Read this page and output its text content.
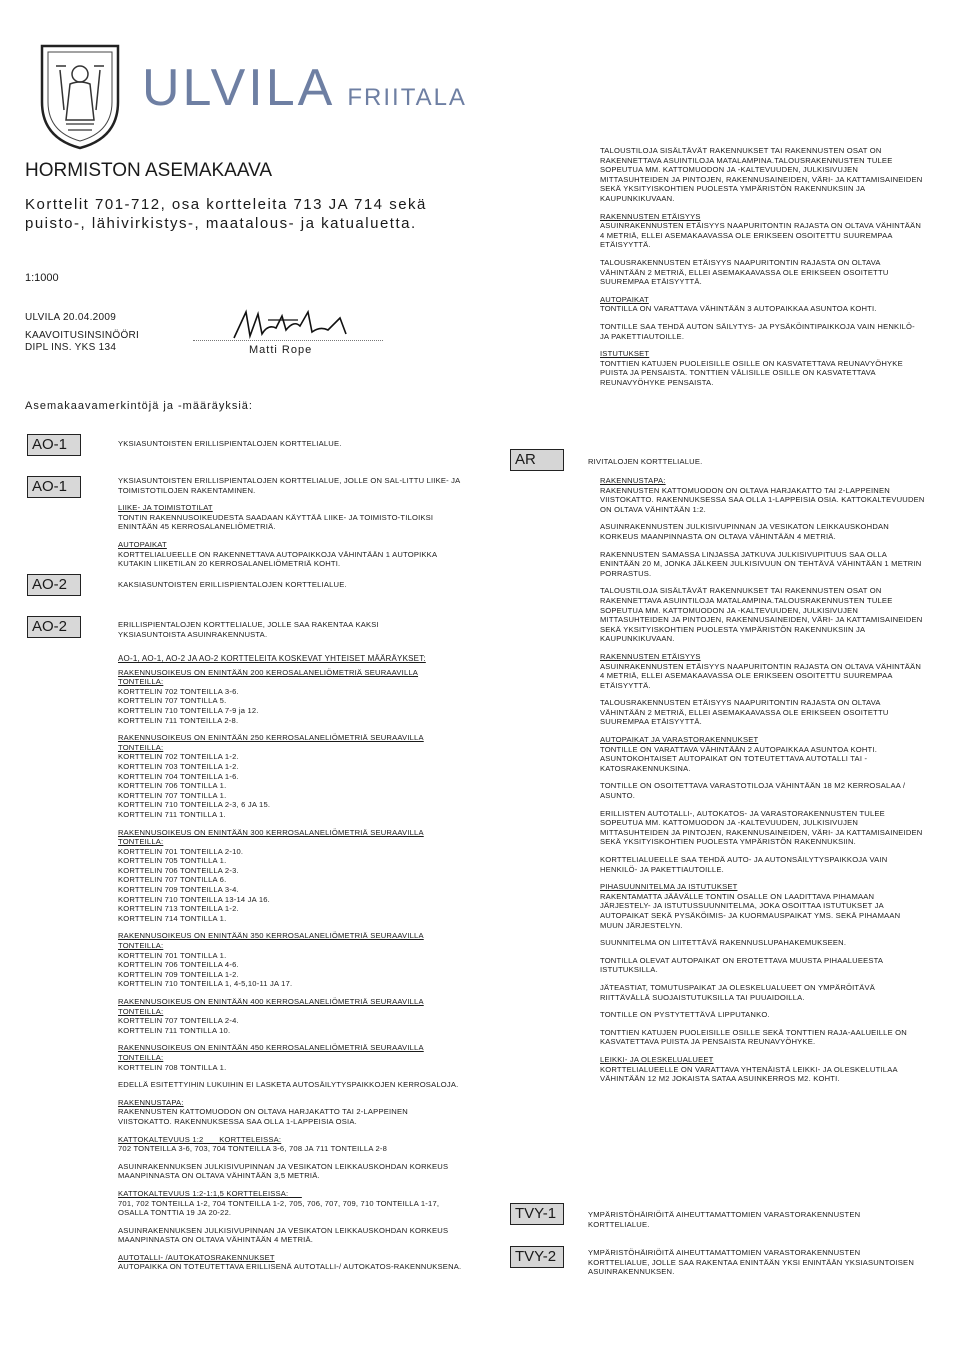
ULVILA FRIITALA
HORMISTON ASEMAKAAVA
Korttelit 701-712, osa kortteleita 713 JA 714 sekä puisto-, lähivirkistys-, maatalous- ja katualuetta.
1:1000
ULVILA 20.04.2009
KAAVOITUSINSINÖÖRI
DIPL INS. YKS 134	Matti Rope
Asemakaavamerkintöjä ja -määräyksiä:
AO-1	YKSIASUNTOISTEN ERILLISPIENTALOJEN KORTTELIALUE.
AO-1	YKSIASUNTOISTEN ERILLISPIENTALOJEN KORTTELIALUE, JOLLE ON SAL-LITTU LIIKE- JA TOIMISTOTILOJEN RAKENTAMINEN.

LIIKE- JA TOIMISTOTILAT

TONTIN RAKENNUSOIKEUDESTA SAADAAN KÄYTTÄÄ LIIKE- JA TOIMISTO-TILOIKSI ENINTÄÄN 45 KERROSALANELIÖMETRIÄ.

AUTOPAIKAT

KORTTELIALUEELLE ON RAKENNETTAVA AUTOPAIKKOJA VÄHINTÄÄN 1 AUTOPIKKA KUTAKIN LIIKETILAN 20 KERROSALANELIÖMETRIÄ KOHTI.

AO-2	KAKSIASUNTOISTEN ERILLISPIENTALOJEN KORTTELIALUE.
AO-2	ERILLISPIENTALOJEN KORTTELIALUE, JOLLE SAA RAKENTAA KAKSI YKSIASUNTOISTA ASUINRAKENNUSTA.

AO-1, AO-1, AO-2 JA AO-2 KORTTELEITA KOSKEVAT YHTEISET MÄÄRÄYKSET:

RAKENNUSOIKEUS ON ENINTÄÄN 200 KEROSALANELIÖMETRIÄ SEURAAVILLA TONTEILLA:

KORTTELIN 702 TONTEILLA 3-6.

KORTTELIN 707 TONTILLA 5.

KORTTELIN 710 TONTEILLA 7-9 ja 12.

KORTTELIN 711 TONTEILLA 2-8.

RAKENNUSOIKEUS ON ENINTÄÄN 250 KERROSALANELIÖMETRIÄ SEURAAVILLA TONTEILLA:

KORTTELIN 702 TONTEILLA 1-2.

KORTTELIN 703 TONTEILLA 1-2.

KORTTELIN 704 TONTEILLA 1-6.

KORTTELIN 706 TONTILLA 1.

KORTTELIN 707 TONTILLA 1.

KORTTELIN 710 TONTEILLA 2-3, 6 JA 15.

KORTTELIN 711 TONTILLA 1.

RAKENNUSOIKEUS ON ENINTÄÄN 300 KERROSALANELIÖMETRIÄ SEURAAVILLA TONTEILLA:

KORTTELIN 701 TONTEILLA 2-10.

KORTTELIN 705 TONTILLA 1.

KORTTELIN 706 TONTEILLA 2-3.

KORTTELIN 707 TONTILLA 6.

KORTTELIN 709 TONTEILLA 3-4.

KORTTELIN 710 TONTEILLA 13-14 JA 16.

KORTTELIN 713 TONTEILLA 1-2.

KORTTELIN 714 TONTILLA 1.

RAKENNUSOIKEUS ON ENINTÄÄN 350 KERROSALANELIÖMETRIÄ SEURAAVILLA TONTEILLA:

KORTTELIN 701 TONTILLA 1.

KORTTELIN 706 TONTEILLA 4-6.

KORTTELIN 709 TONTEILLA 1-2.

KORTTELIN 710 TONTEILLA 1, 4-5,10-11 JA 17.

RAKENNUSOIKEUS ON ENINTÄÄN 400 KERROSALANELIÖMETRIÄ SEURAAVILLA TONTEILLA:

KORTTELIN 707 TONTEILLA 2-4.

KORTTELIN 711 TONTILLA 10.

RAKENNUSOIKEUS ON ENINTÄÄN 450 KERROSALANELIÖMETRIÄ SEURAAVILLA TONTEILLA:

KORTTELIN 708 TONTILLA 1.

EDELLÄ ESITETTYIHIN LUKUIHIN EI LASKETA AUTOSÄILYTYSPAIKKOJEN KERROSALOJA.

RAKENNUSTAPA:

RAKENNUSTEN KATTOMUODON ON OLTAVA HARJAKATTO TAI 2-LAPPEINEN VIISTOKATTO. RAKENNUKSESSA SAA OLLA 1-LAPPEISIA OSIA.

KATTOKALTEVUUS 1:2 _ _ KORTTELEISSA:

702 TONTEILLA 3-6, 703, 704 TONTEILLA 3-6, 708 JA 711 TONTEILLA 2-8

ASUINRAKENNUKSEN JULKISIVUPINNAN JA VESIKATON LEIKKAUSKOHDAN KORKEUS MAANPINNASTA ON OLTAVA VÄHINTÄÄN 3,5 METRIÄ.

KATTOKALTEVUUS 1:2-1:1,5 KORTTELEISSA: _ _

701, 702 TONTEILLA 1-2, 704 TONTEILLA 1-2, 705, 706, 707, 709, 710 TONTEILLA 1-17, OSALLA TONTTIA 19 JA 20-22.

ASUINRAKENNUKSEN JULKISIVUPINNAN JA VESIKATON LEIKKAUSKOHDAN KORKEUS MAANPINNASTA ON OLTAVA VÄHINTÄÄN 4 METRIÄ.

AUTOTALLI- /AUTOKATOSRAKENNUKSET

AUTOPAIKKA ON TOTEUTETTAVA ERILLISENÄ AUTOTALLI-/ AUTOKATOS-RAKENNUKSENA.

TALOUSTILOJA SISÄLTÄVÄT RAKENNUKSET TAI RAKENNUSTEN OSAT ON RAKENNETTAVA ASUINTILOJA MATALAMPINA.TALOUSRAKENNUSTEN TULEE SOPEUTUA MM. KATTOMUODON JA -KALTEVUUDEN, JULKISIVUJEN MITTASUHTEIDEN JA PINTOJEN, RAKENNUSAINEIDEN, VÄRI- JA KATTAMISAINEIDEN SEKÄ YKSITYISKOHTIEN PUOLESTA YMPÄRISTÖN RAKENNUKSIIN JA KAUPUNKIKUVAAN.

RAKENNUSTEN ETÄISYYS

ASUINRAKENNUSTEN ETÄISYYS NAAPURITONTIN RAJASTA ON OLTAVA VÄHINTÄÄN 4 METRIÄ, ELLEI ASEMAKAAVASSA OLE ERIKSEEN OSOITETTU SUUREMPAA ETÄISYYTTÄ.

TALOUSRAKENNUSTEN ETÄISYYS NAAPURITONTIN RAJASTA ON OLTAVA VÄHINTÄÄN 2 METRIÄ, ELLEI ASEMAKAAVASSA OLE ERIKSEEN OSOITETTU SUUREMPAA ETÄISYYTTÄ.

AUTOPAIKAT

TONTILLA ON VARATTAVA VÄHINTÄÄN 3 AUTOPAIKKAA ASUNTOA KOHTI.

TONTILLE SAA TEHDÄ AUTON SÄILYTYS- JA PYSÄKÖINTIPAIKKOJA VAIN HENKILÖ- JA PAKETTIAUTOILLE.

ISTUTUKSET

TONTTIEN KATUJEN PUOLEISILLE OSILLE ON KASVATETTAVA REUNAVYÖHYKE PUISTA JA PENSAISTA. TONTTIEN VÄLISILLE OSILLE ON KASVATETTAVA REUNAVYÖHYKE PENSAISTA.

AR	RIVITALOJEN KORTTELIALUE.

RAKENNUSTAPA:

RAKENNUSTEN KATTOMUODON ON OLTAVA HARJAKATTO TAI 2-LAPPEINEN VIISTOKATTO. RAKENNUKSESSA SAA OLLA 1-LAPPEISIA OSIA. KATTOKALTEVUUDEN ON OLTAVA VÄHINTÄÄN 1:2.

ASUINRAKENNUSTEN JULKISIVUPINNAN JA VESIKATON LEIKKAUSKOHDAN KORKEUS MAANPINNASTA ON OLTAVA VÄHINTÄÄN 4 METRIÄ.

RAKENNUSTEN SAMASSA LINJASSA JATKUVA JULKISIVUPITUUS SAA OLLA ENINTÄÄN 20 M, JONKA JÄLKEEN JULKISIVUUN ON TEHTÄVÄ VÄHINTÄÄN 1 METRIN PORRASTUS.

TALOUSTILOJA SISÄLTÄVÄT RAKENNUKSET TAI RAKENNUSTEN OSAT ON RAKENNETTAVA ASUINTILOJA MATALAMPINA.TALOUSRAKENNUSTEN TULEE SOPEUTUA MM. KATTOMUODON JA -KALTEVUUDEN, JULKISIVUJEN MITTASUHTEIDEN JA PINTOJEN, RAKENNUSAINEIDEN, VÄRI- JA KATTAMISAINEIDEN SEKÄ YKSITYISKOHTIEN PUOLESTA YMPÄRISTÖN RAKENNUKSIIN JA KAUPUNKIKUVAAN.

RAKENNUSTEN ETÄISYYS

ASUINRAKENNUSTEN ETÄISYYS NAAPURITONTIN RAJASTA ON OLTAVA VÄHINTÄÄN 4 METRIÄ, ELLEI ASEMAKAAVASSA OLE ERIKSEEN OSOITETTU SUUREMPAA ETÄISYYTTÄ.

TALOUSRAKENNUSTEN ETÄISYYS NAAPURITONTIN RAJASTA ON OLTAVA VÄHINTÄÄN 2 METRIÄ, ELLEI ASEMAKAAVASSA OLE ERIKSEEN OSOITETTU SUUREMPAA ETÄISYYTTÄ.

AUTOPAIKAT JA VARASTORAKENNUKSET

TONTILLE ON VARATTAVA VÄHINTÄÄN 2 AUTOPAIKKAA ASUNTOA KOHTI. ASUNTOKOHTAISET AUTOPAIKAT ON TOTEUTETTAVA AUTOTALLI TAI -KATOSRAKENNUKSINA.

TONTILLE ON OSOITETTAVA VARASTOTILOJA VÄHINTÄÄN 18 M2 KERROSALAA / ASUNTO.

ERILLISTEN AUTOTALLI-, AUTOKATOS- JA VARASTORAKENNUSTEN TULEE SOPEUTUA MM. KATTOMUODON JA -KALTEVUUDEN, JULKISIVUJEN MITTASUHTEIDEN JA PINTOJEN, RAKENNUSAINEIDEN, VÄRI- JA KATTAMISAINEIDEN SEKÄ YKSITYISKOHTIEN PUOLESTA YMPÄRISTÖN RAKENNUKSIIN.

KORTTELIALUEELLE SAA TEHDÄ AUTO- JA AUTONSÄILYTYSPAIKKOJA VAIN HENKILÖ- JA PAKETTIAUTOILLE.

PIHASUUNNITELMA JA ISTUTUKSET

RAKENTAMATTA JÄÄVÄLLE TONTIN OSALLE ON LAADITTAVA PIHAMAAN JÄRJESTELY- JA ISTUTUSSUUNNITELMA, JOKA OSOITTAA ISTUTUKSET JA AUTOPAIKAT SEKÄ PYSÄKÖIMIS- JA KUORMAUSPAIKAT YMS. SEKÄ PIHAMAAN MUUN JÄRJESTELYN.

SUUNNITELMA ON LIITETTÄVÄ RAKENNUSLUPAHAKEMUKSEEN.

TONTILLA OLEVAT AUTOPAIKAT ON EROTETTAVA MUUSTA PIHAALUEESTA ISTUTUKSILLA.

JÄTEASTIAT, TOMUTUSPAIKAT JA OLESKELUALUEET ON YMPÄRÖITÄVÄ RIITTÄVÄLLÄ SUOJAISTUTUKSILLA TAI PUUAIDOILLA.

TONTILLE ON PYSTYTETTÄVÄ LIPPUTANKO.

TONTTIEN KATUJEN PUOLEISILLE OSILLE SEKÄ TONTTIEN RAJA-AALUEILLE ON KASVATETTAVA PUISTA JA PENSAISTA REUNAVYÖHYKE.

LEIKKI- JA OLESKELUALUEET

KORTTELIALUEELLE ON VARATTAVA YHTENÄISTÄ LEIKKI- JA OLESKELUTILAA VÄHINTÄÄN 12 M2 JOKAISTA SATAA ASUINKERROS M2. KOHTI.

TVY-1	YMPÄRISTÖHÄIRIÖITÄ AIHEUTTAMATTOMIEN VARASTORAKENNUSTEN KORTTELIALUE.
TVY-2	YMPÄRISTÖHÄIRIÖITÄ AIHEUTTAMATTOMIEN VARASTORAKENNUSTEN KORTTELIALUE, JOLLE SAA RAKENTAA ENINTÄÄN YKSI ENINTÄÄN YKSIASUNTOISEN ASUINRAKENNUKSEN.
